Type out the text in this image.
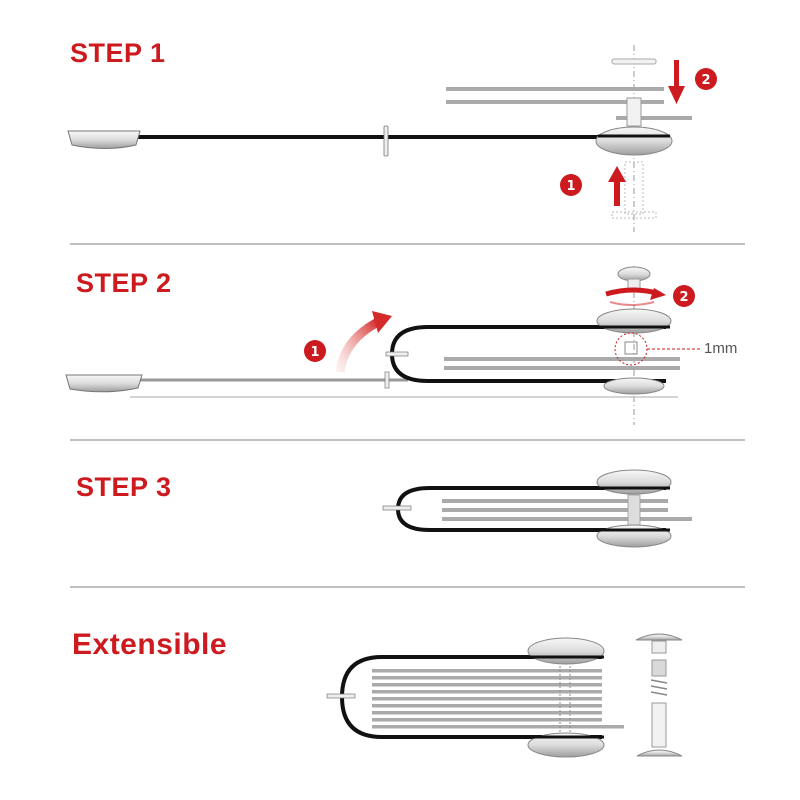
1
2
1mm
1
2
STEP 1
STEP 2
STEP 3
Extensible
